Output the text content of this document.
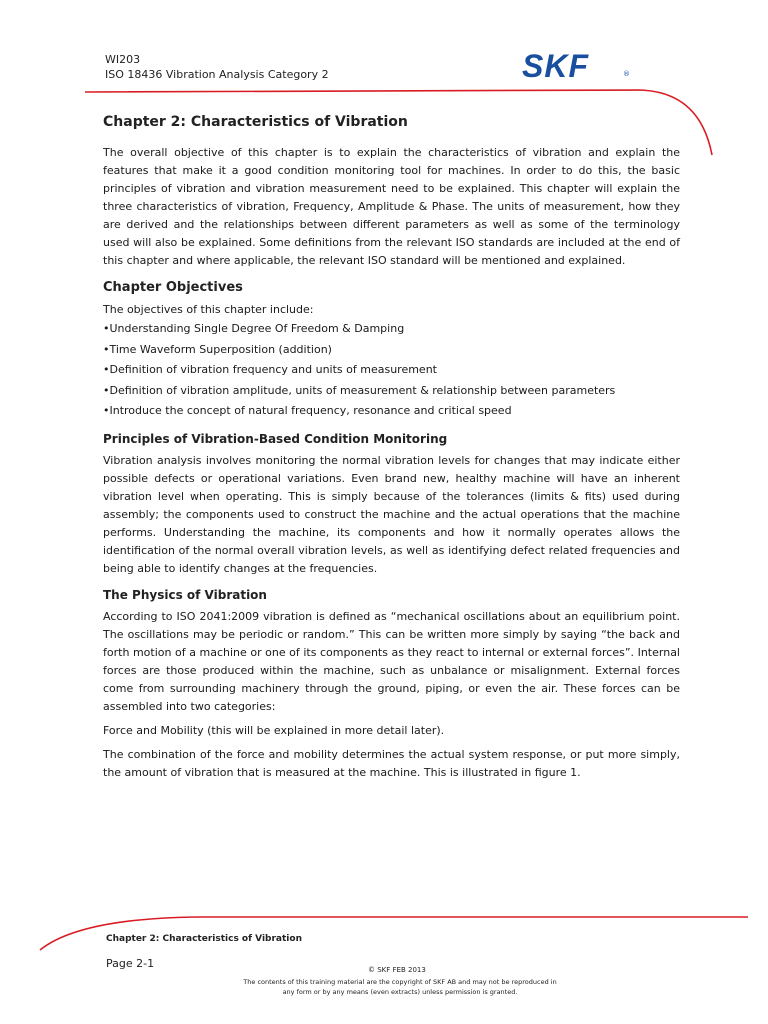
WI203
ISO 18436 Vibration Analysis Category 2	SKF	®
Chapter 2: Characteristics of Vibration

The overall objective of this chapter is to explain the characteristics of vibration and explain the features that make it a good condition monitoring tool for machines. In order to do this, the basic principles of vibration and vibration measurement need to be explained. This chapter will explain the three characteristics of vibration, Frequency, Amplitude & Phase. The units of measurement, how they are derived and the relationships between different parameters as well as some of the terminology used will also be explained. Some definitions from the relevant ISO standards are included at the end of this chapter and where applicable, the relevant ISO standard will be mentioned and explained.

Chapter Objectives

The objectives of this chapter include:

• Understanding Single Degree Of Freedom & Damping
• Time Waveform Superposition (addition)
• Definition of vibration frequency and units of measurement
• Definition of vibration amplitude, units of measurement & relationship between parameters
• Introduce the concept of natural frequency, resonance and critical speed
Principles of Vibration-Based Condition Monitoring

Vibration analysis involves monitoring the normal vibration levels for changes that may indicate either possible defects or operational variations. Even brand new, healthy machine will have an inherent vibration level when operating. This is simply because of the tolerances (limits & fits) used during assembly; the components used to construct the machine and the actual operations that the machine performs. Understanding the machine, its components and how it normally operates allows the identification of the normal overall vibration levels, as well as identifying defect related frequencies and being able to identify changes at the frequencies.

The Physics of Vibration

According to ISO 2041:2009 vibration is defined as “mechanical oscillations about an equilibrium point. The oscillations may be periodic or random.” This can be written more simply by saying “the back and forth motion of a machine or one of its components as they react to internal or external forces”. Internal forces are those produced within the machine, such as unbalance or misalignment. External forces come from surrounding machinery through the ground, piping, or even the air. These forces can be assembled into two categories:

Force and Mobility (this will be explained in more detail later).

The combination of the force and mobility determines the actual system response, or put more simply, the amount of vibration that is measured at the machine. This is illustrated in figure 1.

Chapter 2: Characteristics of Vibration
Page 2-1	© SKF FEB 2013
The contents of this training material are the copyright of SKF AB and may not be reproduced in any form or by any means (even extracts) unless permission is granted.
